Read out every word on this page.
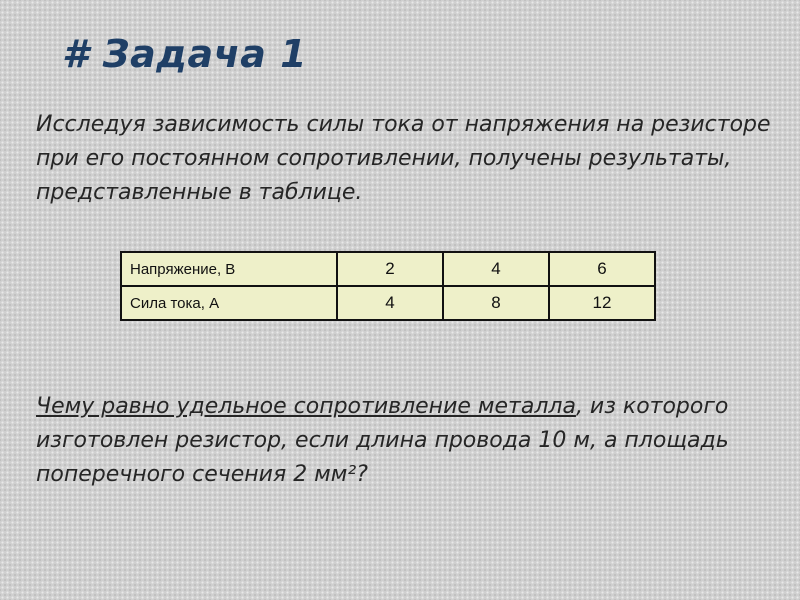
# Задача 1
Исследуя зависимость силы тока от напряжения на резисторе при его постоянном сопротивлении, получены результаты, представленные в таблице.
Напряжение, В	2	4	6
Сила тока, А	4	8	12
Чему равно удельное сопротивление металла, из которого изготовлен резистор, если длина провода 10 м, а площадь поперечного сечения 2 мм²?
